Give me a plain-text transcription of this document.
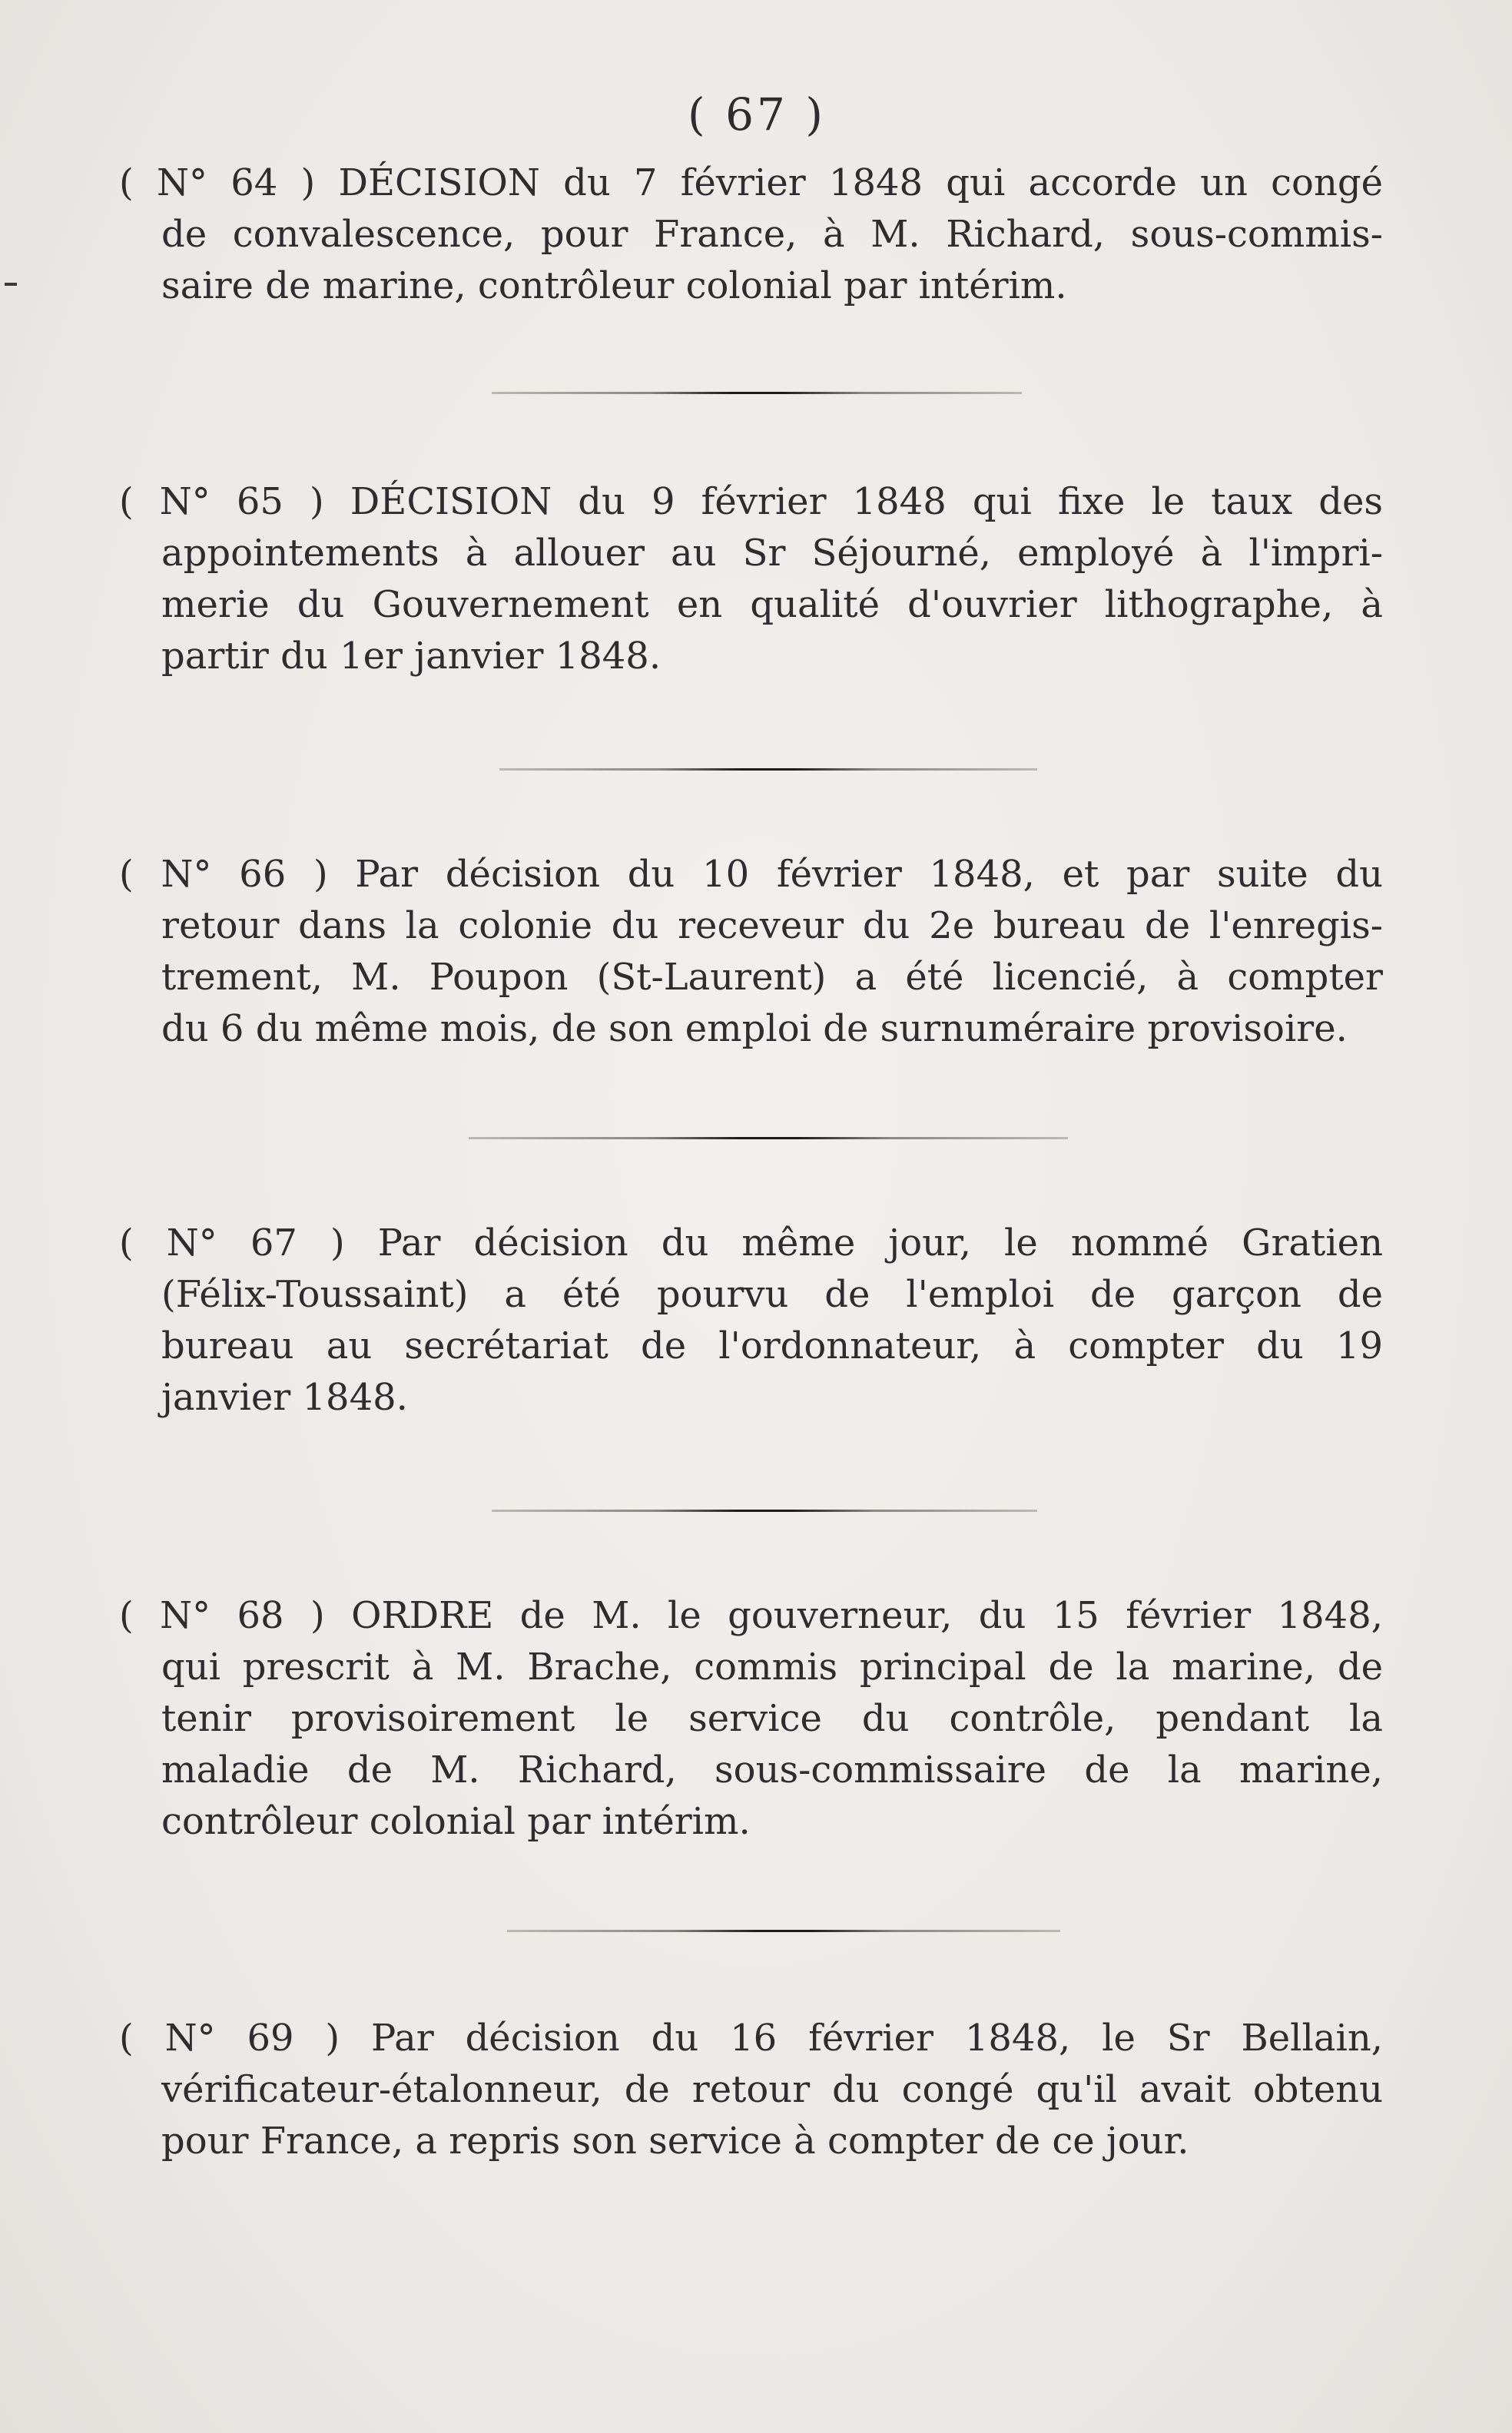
( 67 )
( N° 64 ) DÉCISION du 7 février 1848 qui accorde un congé
de convalescence, pour France, à M. Richard, sous-commis-
saire de marine, contrôleur colonial par intérim.
( N° 65 ) DÉCISION du 9 février 1848 qui fixe le taux des
appointements à allouer au Sr Séjourné, employé à l'impri-
merie du Gouvernement en qualité d'ouvrier lithographe, à
partir du 1er janvier 1848.
( N° 66 ) Par décision du 10 février 1848, et par suite du
retour dans la colonie du receveur du 2e bureau de l'enregis-
trement, M. Poupon (St-Laurent) a été licencié, à compter
du 6 du même mois, de son emploi de surnuméraire provisoire.
( N° 67 ) Par décision du même jour, le nommé Gratien
(Félix-Toussaint) a été pourvu de l'emploi de garçon de
bureau au secrétariat de l'ordonnateur, à compter du 19
janvier 1848.
( N° 68 ) ORDRE de M. le gouverneur, du 15 février 1848,
qui prescrit à M. Brache, commis principal de la marine, de
tenir provisoirement le service du contrôle, pendant la
maladie de M. Richard, sous-commissaire de la marine,
contrôleur colonial par intérim.
( N° 69 ) Par décision du 16 février 1848, le Sr Bellain,
vérificateur-étalonneur, de retour du congé qu'il avait obtenu
pour France, a repris son service à compter de ce jour.
